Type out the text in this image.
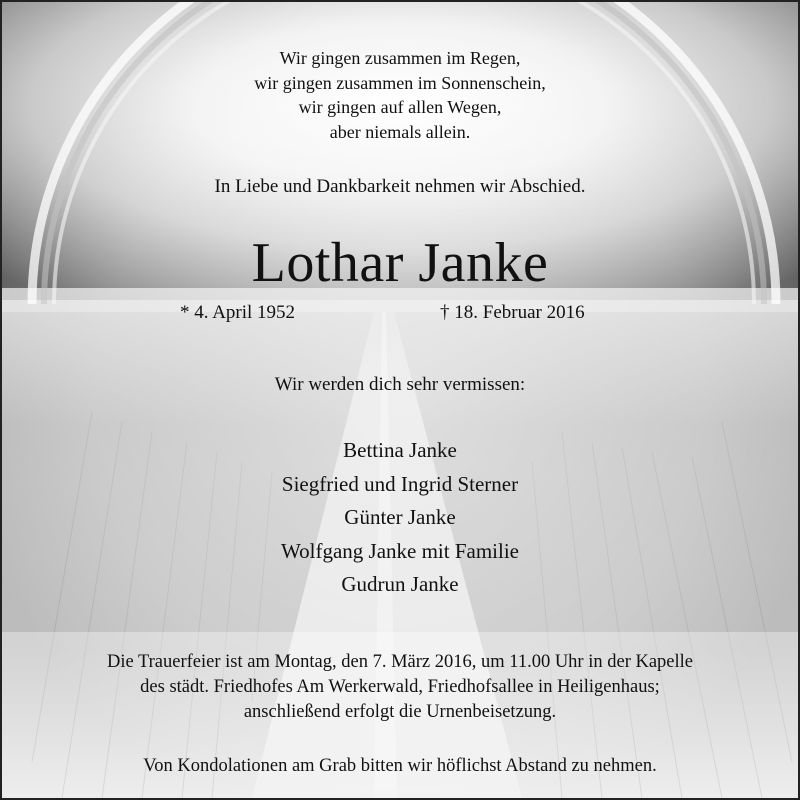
Wir gingen zusammen im Regen,
wir gingen zusammen im Sonnenschein,
wir gingen auf allen Wegen,
aber niemals allein.
In Liebe und Dankbarkeit nehmen wir Abschied.
Lothar Janke
* 4. April 1952	† 18. Februar 2016
Wir werden dich sehr vermissen:
Bettina Janke
Siegfried und Ingrid Sterner
Günter Janke
Wolfgang Janke mit Familie
Gudrun Janke
Die Trauerfeier ist am Montag, den 7. März 2016, um 11.00 Uhr in der Kapelle
des städt. Friedhofes Am Werkerwald, Friedhofsallee in Heiligenhaus;
anschließend erfolgt die Urnenbeisetzung.
Von Kondolationen am Grab bitten wir höflichst Abstand zu nehmen.
